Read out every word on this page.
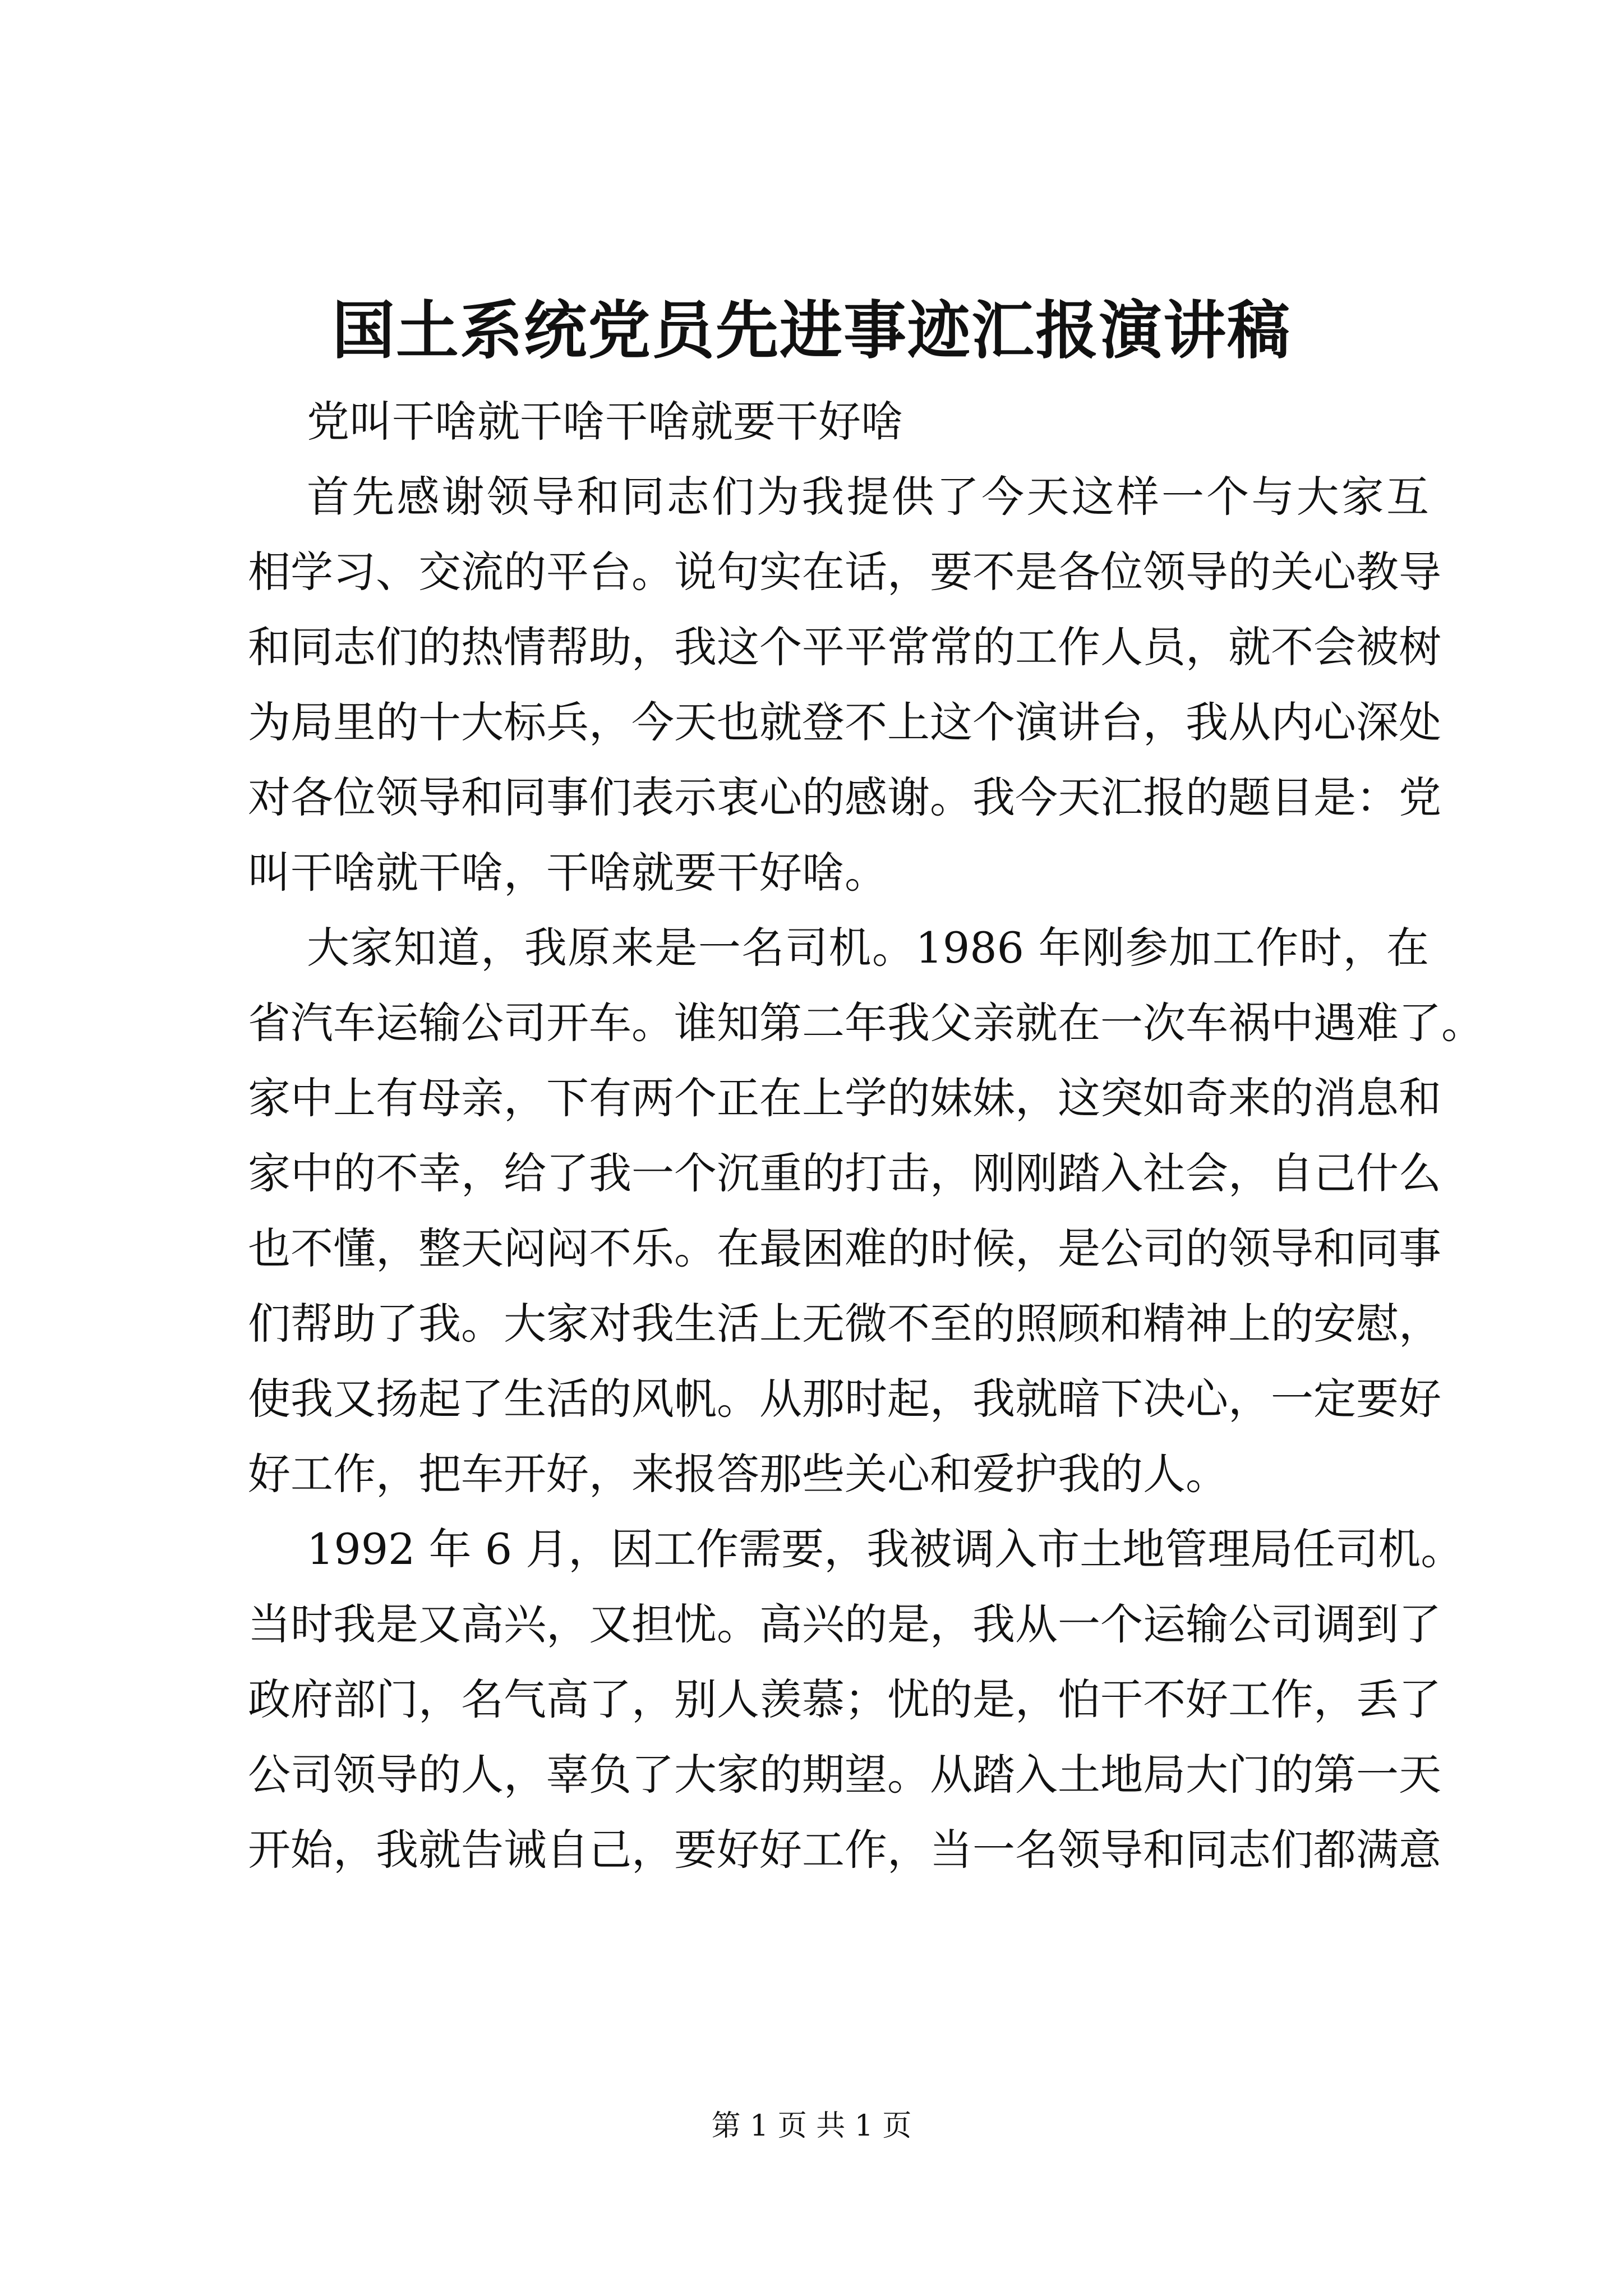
国土系统党员先进事迹汇报演讲稿
党叫干啥就干啥干啥就要干好啥
首先感谢领导和同志们为我提供了今天这样一个与大家互
相学习、交流的平台。说句实在话，要不是各位领导的关心教导
和同志们的热情帮助，我这个平平常常的工作人员，就不会被树
为局里的十大标兵，今天也就登不上这个演讲台，我从内心深处
对各位领导和同事们表示衷心的感谢。我今天汇报的题目是：党
叫干啥就干啥，干啥就要干好啥。
大家知道，我原来是一名司机。1986 年刚参加工作时，在
省汽车运输公司开车。谁知第二年我父亲就在一次车祸中遇难了。
家中上有母亲，下有两个正在上学的妹妹，这突如奇来的消息和
家中的不幸，给了我一个沉重的打击，刚刚踏入社会，自己什么
也不懂，整天闷闷不乐。在最困难的时候，是公司的领导和同事
们帮助了我。大家对我生活上无微不至的照顾和精神上的安慰，
使我又扬起了生活的风帆。从那时起，我就暗下决心，一定要好
好工作，把车开好，来报答那些关心和爱护我的人。
1992 年 6 月，因工作需要，我被调入市土地管理局任司机。
当时我是又高兴，又担忧。高兴的是，我从一个运输公司调到了
政府部门，名气高了，别人羡慕；忧的是，怕干不好工作，丢了
公司领导的人，辜负了大家的期望。从踏入土地局大门的第一天
开始，我就告诫自己，要好好工作，当一名领导和同志们都满意
第 1 页 共 1 页
